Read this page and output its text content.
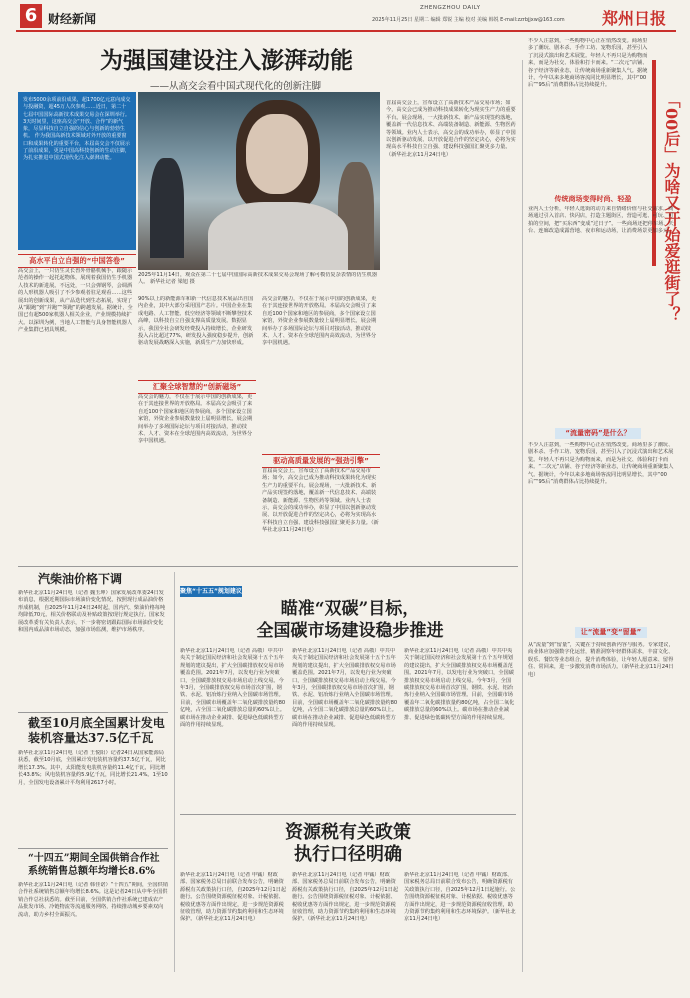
6 财经新闻
ZHENGZHOU DAILY
2025年11月25日 星期二 编辑 郑锐 主编 校对 美编 韩锐 E-mail:zzrbjjxw@163.com 郑州日报
为强国建设注入澎湃动能
——从高交会看中国式现代化的创新注脚
发布5000余项前沿成果，超1700亿元意向成交与投融资，超45万人次参观……近日，第二十七届中国国际高新技术成果交易会在深圳举行。3天时间里，这座高交会“开放、合作”的新气象，尽显科技自立自强的信心与创新的勃勃生机。 作为我国高新技术领域对外开放的重要窗口和成果转化的重要平台，本届高交会不仅展示了前沿成果，更是中国高科技创新的生动注脚，为扎实推进中国式现代化注入澎湃动能。
2025年11月14日，观众在第二十七届中国国际高新技术成果交易会现场了解可模仿复杂表情的仿生机器人。 新华社记者 梁旭 摄
高水平自立自强的“中国答卷”
高交会上，一只仿生灵长兽外骨骼机械手，跟随示范者的操作一起托起物体，展现着我国仿生手机器人技术的新进展。不远处，一只会弹钢琴，会调酒的人形机器人吸引了不少参观者驻足观看……这些展出的创新成果，从产品迭代到生态拓展，实现了从“跟跑”到“并跑”“领跑”的跨越发展。据统计，全国已有超500家机器人相关企业，产业规模持续扩大。以深圳为例，当地人工智能与具身智能机器人产业集群已初具规模。
90%以上的新能源车和新一代信息技术展品出自国内企业，其中大部分采用国产芯片。中国企业在集成电路、人工智能、低空经济等领域不断攀登技术高峰，以科技自立自强支撑高质量发展。数据显示，我国全社会研发经费投入持续增长，企业研发投入占比超过77%，研发投入强度稳步提升，创新驱动发展战略深入实施，新质生产力加快形成。
汇聚全球智慧的“创新磁场”
高交会的魅力，不仅在于展示中国的创新成果，更在于其连接世界的开放格局。本届高交会吸引了来自近100个国家和地区的参展商，多个国家设立国家馆，外资企业参展数量较上届明显增长。展会期间举办了多场国际论坛与项目对接活动，推动技术、人才、资本在全球范围内高效流动，为世界分享中国机遇。
高交会的魅力，不仅在于展示中国的创新成果，更在于其连接世界的开放格局。本届高交会吸引了来自近100个国家和地区的参展商，多个国家设立国家馆，外资企业参展数量较上届明显增长。展会期间举办了多场国际论坛与项目对接活动，推动技术、人才、资本在全球范围内高效流动，为世界分享中国机遇。
驱动高质量发展的“强劲引擎”
首届高交会上，宣布设立了高新技术产品交易市场；如今，高交会已成为推动科技成果转化为现实生产力的重要平台。展会现场，一大批新技术、新产品实现签约落地，覆盖新一代信息技术、高端装备制造、新能源、生物医药等领域。业内人士表示，高交会的成功举办，彰显了中国以创新驱动发展、以开放促进合作的坚定决心，必将为实现高水平科技自立自强、建设科技强国汇聚更多力量。（新华社北京11月24日电）
首届高交会上，宣布设立了高新技术产品交易市场；如今，高交会已成为推动科技成果转化为现实生产力的重要平台。展会现场，一大批新技术、新产品实现签约落地，覆盖新一代信息技术、高端装备制造、新能源、生物医药等领域。业内人士表示，高交会的成功举办，彰显了中国以创新驱动发展、以开放促进合作的坚定决心，必将为实现高水平科技自立自强、建设科技强国汇聚更多力量。（新华社北京11月24日电）
不少人注意到，一些购物中心正在悄然改变。商场里多了潮玩、剧本杀、手作工坊、宠物乐园，甚至引入了沉浸式演出和艺术展览。年轻人不再只是为购物而来，而是为社交、体验和打卡而来。“二次元”店铺、谷子经济等新业态，让传统商场重新聚集人气。据统计，今年以来多地商场客流同比明显增长，其中“00后”“95后”消费群体占比持续提升。
「00后」为啥又开始爱逛街了？
传统商场变得时尚、轻盈
业内人士分析，年轻人逛街的动力来自情绪价值与社交需求。商场通过引入首店、快闪店，打造主题街区，营造可逛、可玩、可拍的空间，把“买东西”变成“过日子”。一些商场还把停车场、天台、连廊改造成露营地、夜市和运动场，让消费场景更加多元。
“流量密码”是什么？
不少人注意到，一些购物中心正在悄然改变。商场里多了潮玩、剧本杀、手作工坊、宠物乐园，甚至引入了沉浸式演出和艺术展览。年轻人不再只是为购物而来，而是为社交、体验和打卡而来。“二次元”店铺、谷子经济等新业态，让传统商场重新聚集人气。据统计，今年以来多地商场客流同比明显增长，其中“00后”“95后”消费群体占比持续提升。
让“流量”变“留量”
从“流量”到“留量”，关键在于持续创新内容与服务。专家建议，商业体应加强数字化运营，精准洞察年轻群体需求，丰富文化、娱乐、餐饮等业态组合，提升消费体验，让年轻人愿意来、留得住、常回来，进一步激发消费市场活力。（新华社北京11月24日电）
汽柴油价格下调
新华社北京11月24日电（记者 魏玉坤）国家发展改革委24日发布消息，根据近期国际市场油价变化情况，按照现行成品油价格形成机制，自2025年11月24日24时起，国内汽、柴油价格每吨均降低70元。相关价格联动及补贴政策按现行规定执行。国家发展改革委有关负责人表示，下一步将密切跟踪国际市场油价变化和国内成品油市场动态，加强市场监测，维护市场秩序。
截至10月底全国累计发电装机容量达37.5亿千瓦
新华社北京11月24日电（记者 王悦阳）记者24日从国家能源局获悉，截至10月底，全国累计发电装机容量约37.5亿千瓦，同比增长17.3%。其中，太阳能发电装机容量约11.4亿千瓦，同比增长43.8%；风电装机容量约5.9亿千瓦，同比增长21.4%。1至10月，全国发电设备累计平均利用2617小时。
“十四五”期间全国供销合作社系统销售总额年均增长8.6%
新华社北京11月24日电（记者 韩佳诺）“十四五”期间，全国供销合作社系统销售总额年均增长8.6%。这是记者24日从中华全国供销合作总社获悉的。截至目前，全国供销合作社系统已建成农产品批发市场、冷链物流等流通服务网络，持续推动城乡要素双向流动，助力乡村全面振兴。
聚焦“十五五”规划建议
瞄准“双碳”目标，
全国碳市场建设稳步推进
新华社北京11月24日电（记者 高敬）中共中央关于制定国民经济和社会发展第十五个五年规划的建议提出，扩大全国碳排放权交易市场覆盖范围。2021年7月，以发电行业为突破口，全国碳排放权交易市场启动上线交易。今年3月，全国碳排放权交易市场首次扩围，钢铁、水泥、铝冶炼行业纳入全国碳市场管理。目前，全国碳市场覆盖年二氧化碳排放量约80亿吨，占全国二氧化碳排放总量的60%以上。碳市场在推动企业减排、促进绿色低碳转型方面的作用持续显现。
新华社北京11月24日电（记者 高敬）中共中央关于制定国民经济和社会发展第十五个五年规划的建议提出，扩大全国碳排放权交易市场覆盖范围。2021年7月，以发电行业为突破口，全国碳排放权交易市场启动上线交易。今年3月，全国碳排放权交易市场首次扩围，钢铁、水泥、铝冶炼行业纳入全国碳市场管理。目前，全国碳市场覆盖年二氧化碳排放量约80亿吨，占全国二氧化碳排放总量的60%以上。碳市场在推动企业减排、促进绿色低碳转型方面的作用持续显现。
新华社北京11月24日电（记者 高敬）中共中央关于制定国民经济和社会发展第十五个五年规划的建议提出，扩大全国碳排放权交易市场覆盖范围。2021年7月，以发电行业为突破口，全国碳排放权交易市场启动上线交易。今年3月，全国碳排放权交易市场首次扩围，钢铁、水泥、铝冶炼行业纳入全国碳市场管理。目前，全国碳市场覆盖年二氧化碳排放量约80亿吨，占全国二氧化碳排放总量的60%以上。碳市场在推动企业减排、促进绿色低碳转型方面的作用持续显现。
资源税有关政策
执行口径明确
新华社北京11月24日电（记者 申铖）财政部、国家税务总局日前联合发布公告，明确资源税有关政策执行口径，自2025年12月1日起施行。公告围绕资源税征税对象、计税依据、税收优惠等方面作出规定，进一步规范资源税征收管理，助力资源节约集约利用和生态环境保护。（新华社北京11月24日电）
新华社北京11月24日电（记者 申铖）财政部、国家税务总局日前联合发布公告，明确资源税有关政策执行口径，自2025年12月1日起施行。公告围绕资源税征税对象、计税依据、税收优惠等方面作出规定，进一步规范资源税征收管理，助力资源节约集约利用和生态环境保护。（新华社北京11月24日电）
新华社北京11月24日电（记者 申铖）财政部、国家税务总局日前联合发布公告，明确资源税有关政策执行口径，自2025年12月1日起施行。公告围绕资源税征税对象、计税依据、税收优惠等方面作出规定，进一步规范资源税征收管理，助力资源节约集约利用和生态环境保护。（新华社北京11月24日电）
